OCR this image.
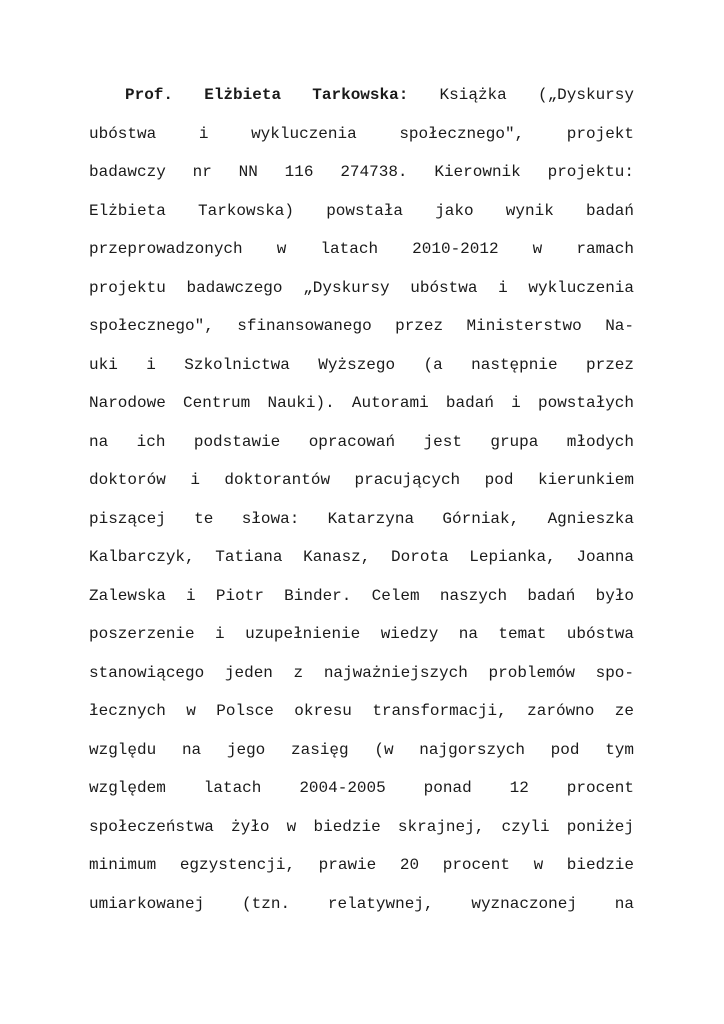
Prof. Elżbieta Tarkowska: Książka („Dyskursy
ubóstwa i wykluczenia społecznego", projekt
badawczy nr NN 116 274738. Kierownik projektu:
Elżbieta Tarkowska) powstała jako wynik badań
przeprowadzonych w latach 2010-2012 w ramach
projektu badawczego „Dyskursy ubóstwa i wykluczenia
społecznego", sfinansowanego przez Ministerstwo Na-
uki i Szkolnictwa Wyższego (a następnie przez
Narodowe Centrum Nauki). Autorami badań i powstałych
na ich podstawie opracowań jest grupa młodych
doktorów i doktorantów pracujących pod kierunkiem
piszącej te słowa: Katarzyna Górniak, Agnieszka
Kalbarczyk, Tatiana Kanasz, Dorota Lepianka, Joanna
Zalewska i Piotr Binder. Celem naszych badań było
poszerzenie i uzupełnienie wiedzy na temat ubóstwa
stanowiącego jeden z najważniejszych problemów spo-
łecznych w Polsce okresu transformacji, zarówno ze
względu na jego zasięg (w najgorszych pod tym
względem latach 2004-2005 ponad 12 procent
społeczeństwa żyło w biedzie skrajnej, czyli poniżej
minimum egzystencji, prawie 20 procent w biedzie
umiarkowanej (tzn. relatywnej, wyznaczonej na
